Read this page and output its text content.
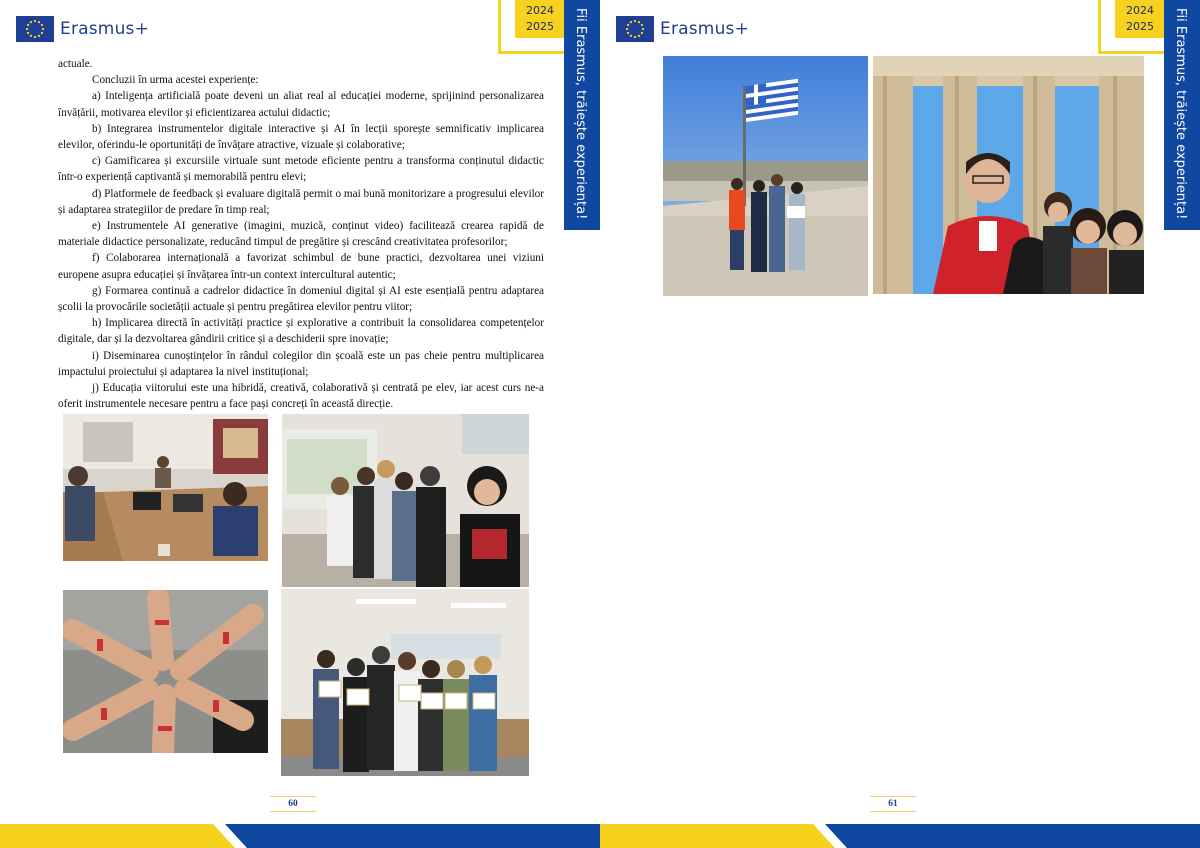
Erasmus+
2024
2025 Fii Erasmus, trăiește experiența!

actuale.

Concluzii în urma acestei experiențe:

a) Inteligența artificială poate deveni un aliat real al educației moderne, sprijinind personalizarea învățării, motivarea elevilor și eficientizarea actului didactic;

b) Integrarea instrumentelor digitale interactive și AI în lecții sporește semnificativ implicarea elevilor, oferindu-le oportunități de învățare atractive, vizuale și colaborative;

c) Gamificarea și excursiile virtuale sunt metode eficiente pentru a transforma conținutul didactic într-o experiență captivantă și memorabilă pentru elevi;

d) Platformele de feedback și evaluare digitală permit o mai bună monitorizare a progresului elevilor și adaptarea strategiilor de predare în timp real;

e) Instrumentele AI generative (imagini, muzică, conținut video) facilitează crearea rapidă de materiale didactice personalizate, reducând timpul de pregătire și crescând creativitatea profesorilor;

f) Colaborarea internațională a favorizat schimbul de bune practici, dezvoltarea unei viziuni europene asupra educației și învățarea într-un context intercultural autentic;

g) Formarea continuă a cadrelor didactice în domeniul digital și AI este esențială pentru adaptarea școlii la provocările societății actuale și pentru pregătirea elevilor pentru viitor;

h) Implicarea directă în activități practice și explorative a contribuit la consolidarea competențelor digitale, dar și la dezvoltarea gândirii critice și a deschiderii spre inovație;

i) Diseminarea cunoștințelor în rândul colegilor din școală este un pas cheie pentru multiplicarea impactului proiectului și adaptarea la nivel instituțional;

j) Educația viitorului este una hibridă, creativă, colaborativă și centrată pe elev, iar acest curs ne-a oferit instrumentele necesare pentru a face pași concreți în această direcție.

60
Erasmus+
2024
2025 Fii Erasmus, trăiește experiența!
61
